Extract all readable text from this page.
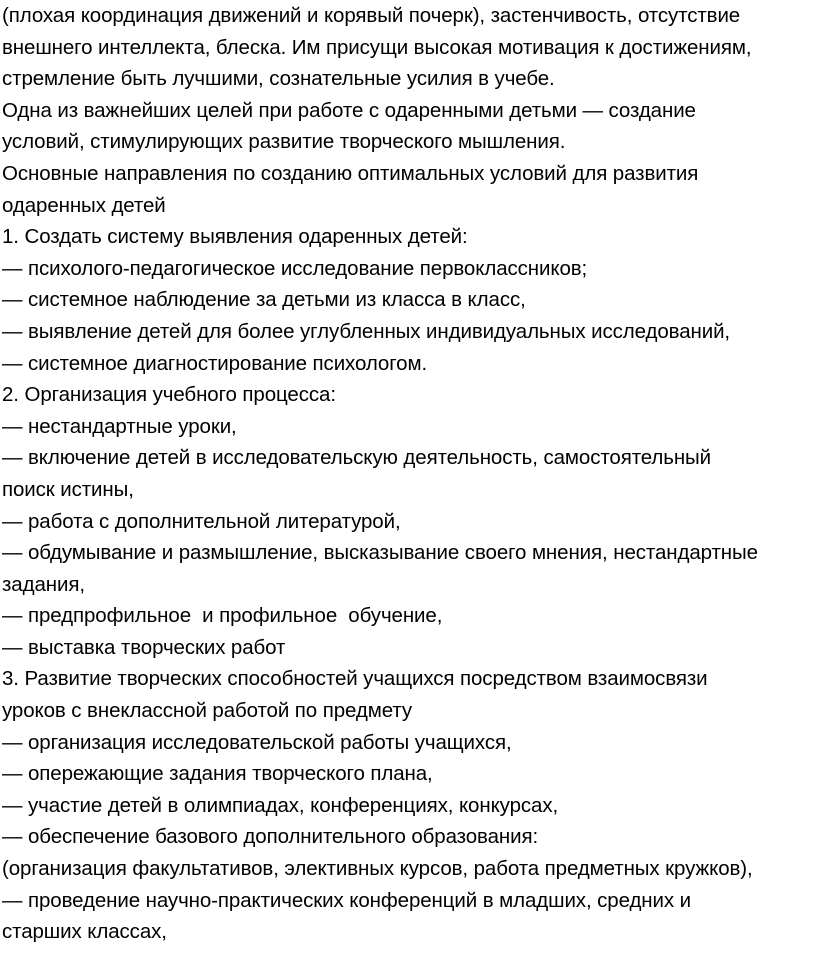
(плохая координация движений и корявый почерк), застенчивость, отсутствие
внешнего интеллекта, блеска. Им присущи высокая мотивация к достижениям,
стремление быть лучшими, сознательные усилия в учебе.
Одна из важнейших целей при работе с одаренными детьми — создание
условий, стимулирующих развитие творческого мышления.
Основные направления по созданию оптимальных условий для развития
одаренных детей
1. Создать систему выявления одаренных детей:
— психолого-педагогическое исследование первоклассников;
— системное наблюдение за детьми из класса в класс,
— выявление детей для более углубленных индивидуальных исследований,
— системное диагностирование психологом.
2. Организация учебного процесса:
— нестандартные уроки,
— включение детей в исследовательскую деятельность, самостоятельный
поиск истины,
— работа с дополнительной литературой,
— обдумывание и размышление, высказывание своего мнения, нестандартные
задания,
— предпрофильное  и профильное  обучение,
— выставка творческих работ
3. Развитие творческих способностей учащихся посредством взаимосвязи
уроков с внеклассной работой по предмету
— организация исследовательской работы учащихся,
— опережающие задания творческого плана,
— участие детей в олимпиадах, конференциях, конкурсах,
— обеспечение базового дополнительного образования:
(организация факультативов, элективных курсов, работа предметных кружков),
— проведение научно-практических конференций в младших, средних и
старших классах,
